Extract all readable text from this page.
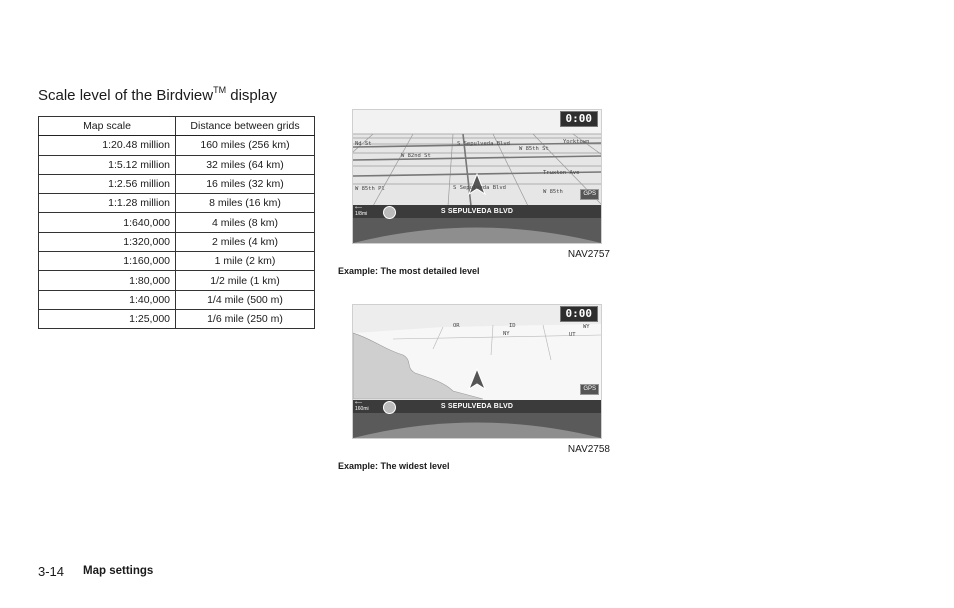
Scale level of the Birdview™ display
Map scale	Distance between grids
1:20.48 million	160 miles (256 km)
1:5.12 million	32 miles (64 km)
1:2.56 million	16 miles (32 km)
1:1.28 million	8 miles (16 km)
1:640,000	4 miles (8 km)
1:320,000	2 miles (4 km)
1:160,000	1 mile (2 km)
1:80,000	1/2 mile (1 km)
1:40,000	1/4 mile (500 m)
1:25,000	1/6 mile (250 m)
0:00
GPS
Nd St	S Sepulveda Blvd
W 82nd St
Yorktown
W 85th St
Truxton Ave
W 85th Pl	S Sepulveda Blvd
W 85th
⟵
1/8mi	S SEPULVEDA BLVD
NAV2757
Example: The most detailed level
0:00
GPS
OR	ID
NY	UT
WY
⟵
160mi	S SEPULVEDA BLVD
NAV2758
Example: The widest level
3-14 Map settings
